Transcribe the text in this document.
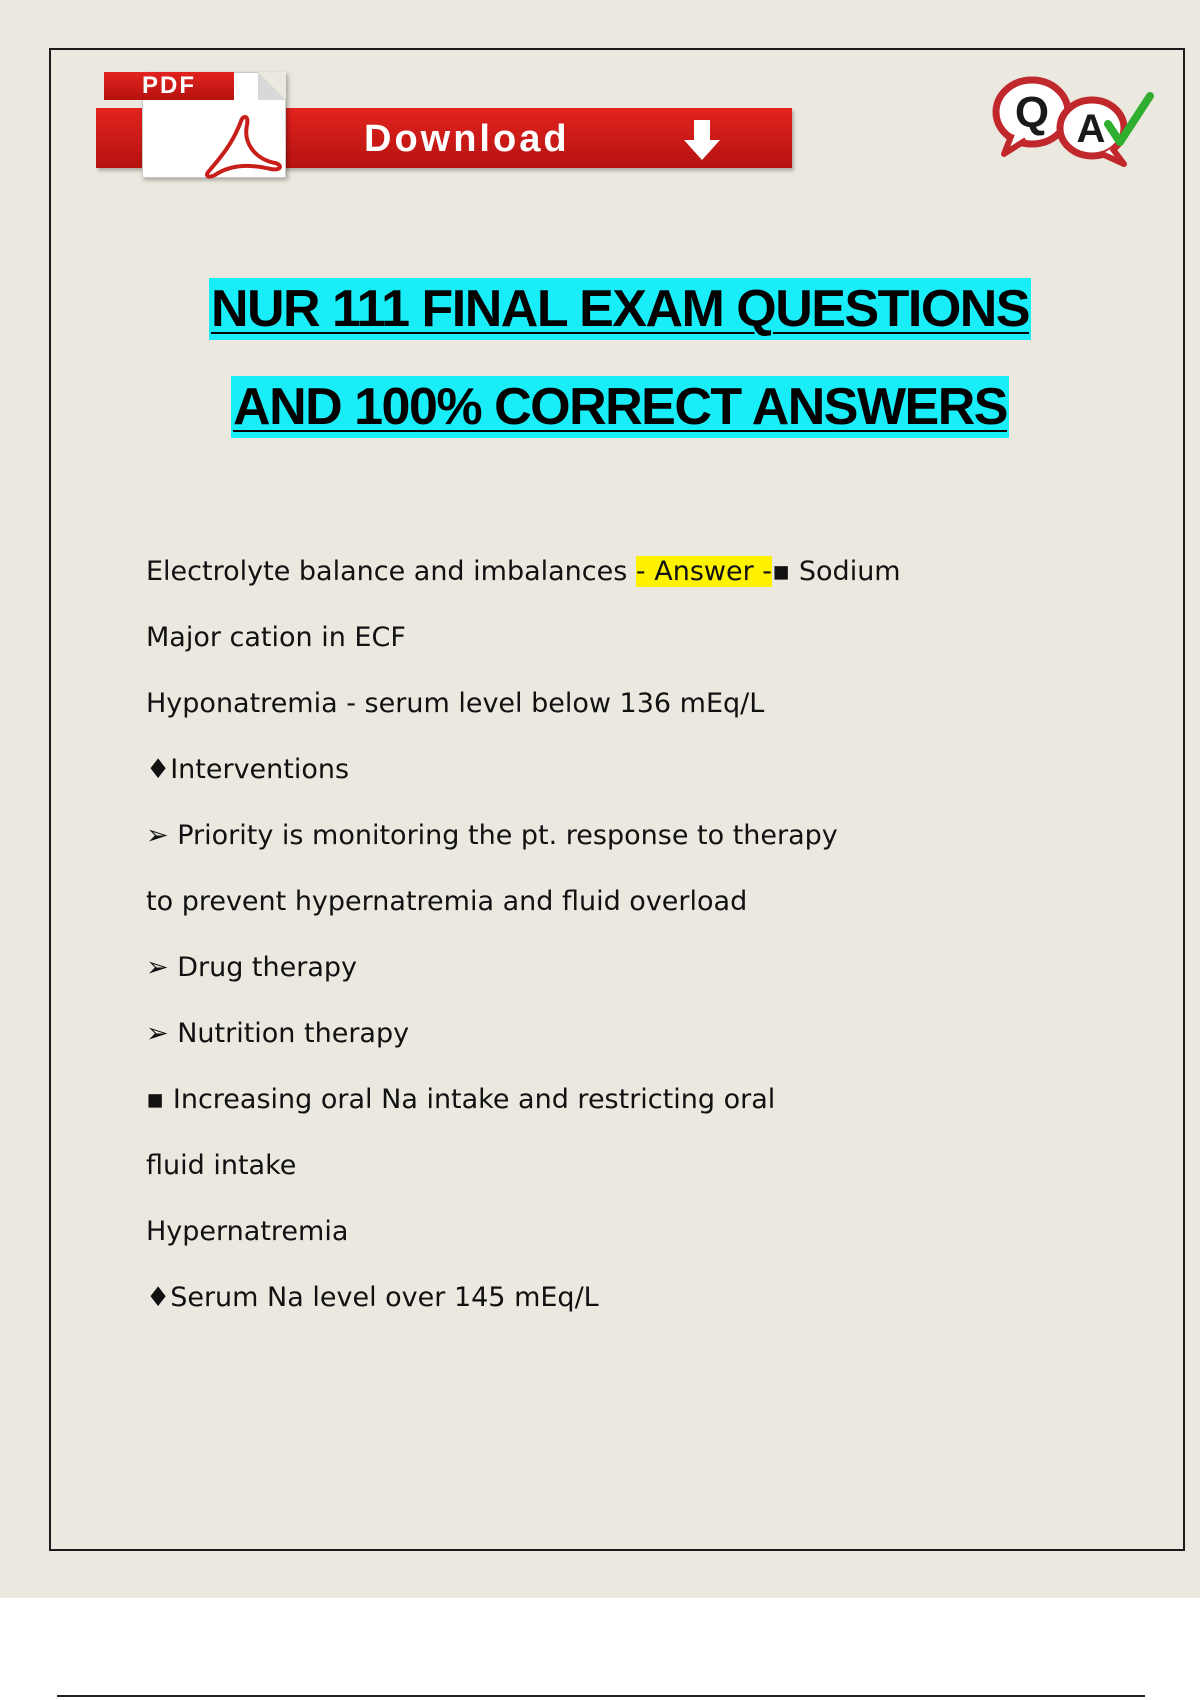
PDF
Download
Q A
NUR 111 FINAL EXAM QUESTIONS
AND 100% CORRECT ANSWERS
Electrolyte balance and imbalances - Answer -▪ Sodium
Major cation in ECF
Hyponatremia - serum level below 136 mEq/L
♦Interventions
➢ Priority is monitoring the pt. response to therapy
to prevent hypernatremia and fluid overload
➢ Drug therapy
➢ Nutrition therapy
▪ Increasing oral Na intake and restricting oral
fluid intake
Hypernatremia
♦Serum Na level over 145 mEq/L
